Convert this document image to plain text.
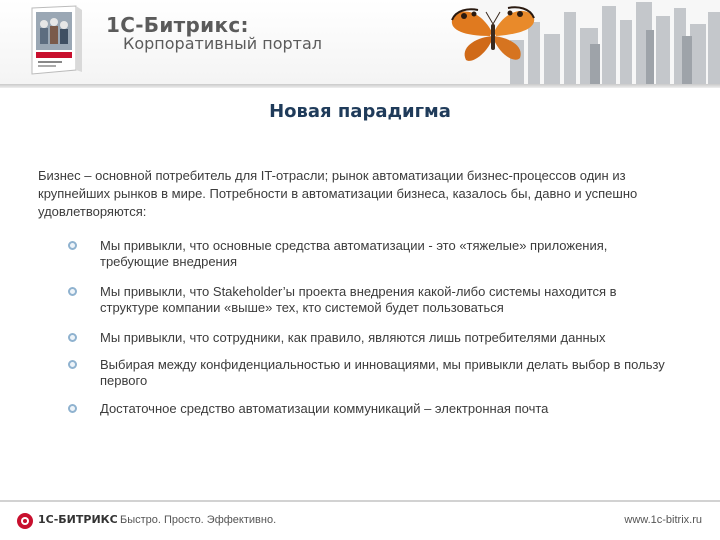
1С-Битрикс:
Корпоративный портал
Новая парадигма

Бизнес – основной потребитель для IT-отрасли; рынок автоматизации бизнес-процессов один из крупнейших рынков в мире. Потребности в автоматизации бизнеса, казалось бы, давно и успешно удовлетворяются:

Мы привыкли, что основные средства автоматизации - это «тяжелые» приложения, требующие внедрения
Мы привыкли, что Stakeholder’ы проекта внедрения какой-либо системы находится в структуре компании «выше» тех, кто системой будет пользоваться
Мы привыкли, что сотрудники, как правило, являются лишь потребителями данных
Выбирая между конфиденциальностью и инновациями, мы привыкли делать выбор в пользу первого
Достаточное средство автоматизации коммуникаций – электронная почта
1С-БИТРИКС Быстро. Просто. Эффективно.	www.1c-bitrix.ru
